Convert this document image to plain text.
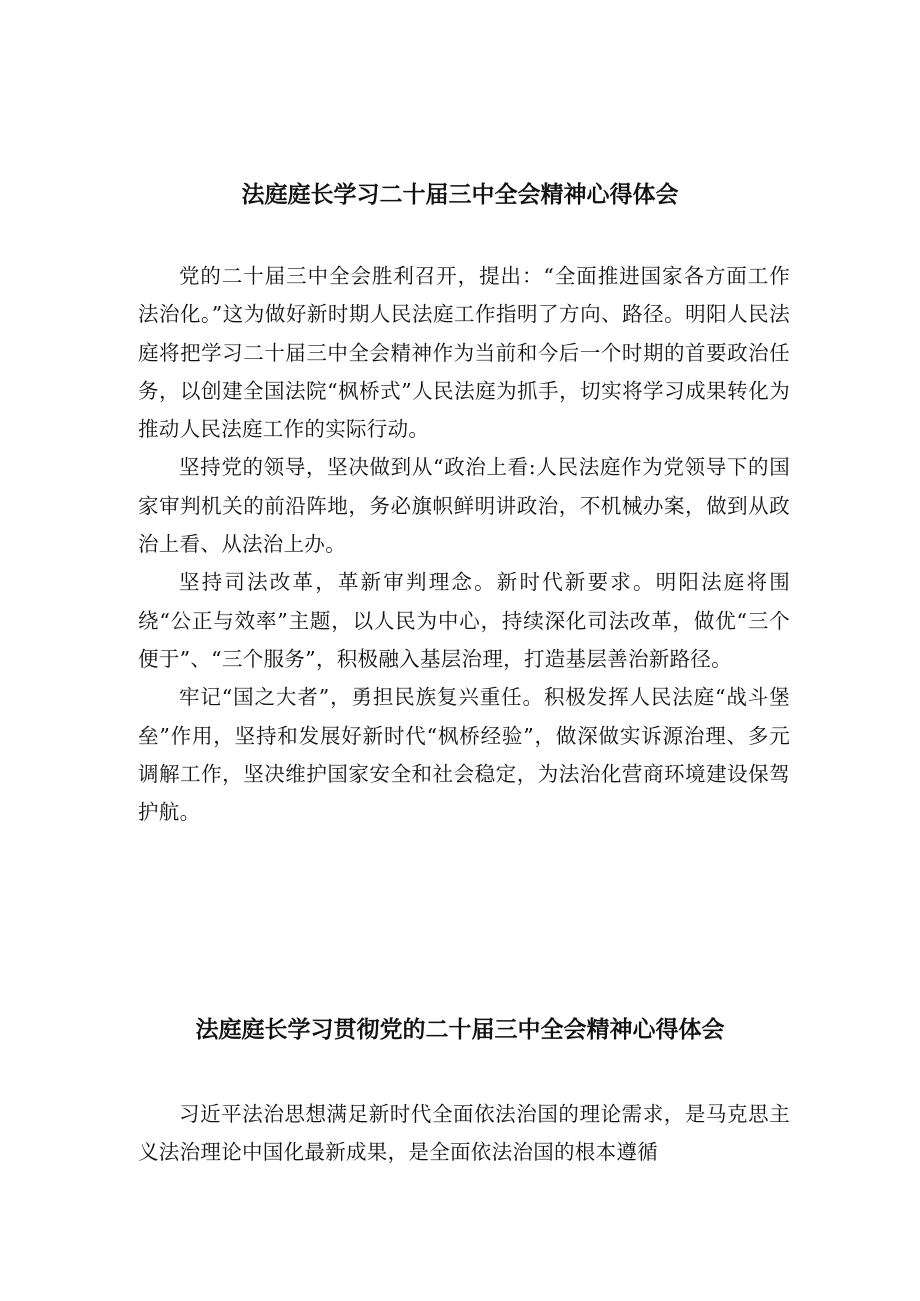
法庭庭长学习二十届三中全会精神心得体会

党的二十届三中全会胜利召开，提出：“全面推进国家各方面工作法治化。”这为做好新时期人民法庭工作指明了方向、路径。明阳人民法庭将把学习二十届三中全会精神作为当前和今后一个时期的首要政治任务，以创建全国法院“枫桥式”人民法庭为抓手，切实将学习成果转化为推动人民法庭工作的实际行动。

坚持党的领导，坚决做到从“政治上看:人民法庭作为党领导下的国家审判机关的前沿阵地，务必旗帜鲜明讲政治，不机械办案，做到从政治上看、从法治上办。

坚持司法改革，革新审判理念。新时代新要求。明阳法庭将围绕“公正与效率”主题，以人民为中心，持续深化司法改革，做优“三个便于”、“三个服务”，积极融入基层治理，打造基层善治新路径。

牢记“国之大者”，勇担民族复兴重任。积极发挥人民法庭“战斗堡垒”作用，坚持和发展好新时代“枫桥经验”，做深做实诉源治理、多元调解工作，坚决维护国家安全和社会稳定，为法治化营商环境建设保驾护航。

法庭庭长学习贯彻党的二十届三中全会精神心得体会

习近平法治思想满足新时代全面依法治国的理论需求，是马克思主义法治理论中国化最新成果，是全面依法治国的根本遵循
